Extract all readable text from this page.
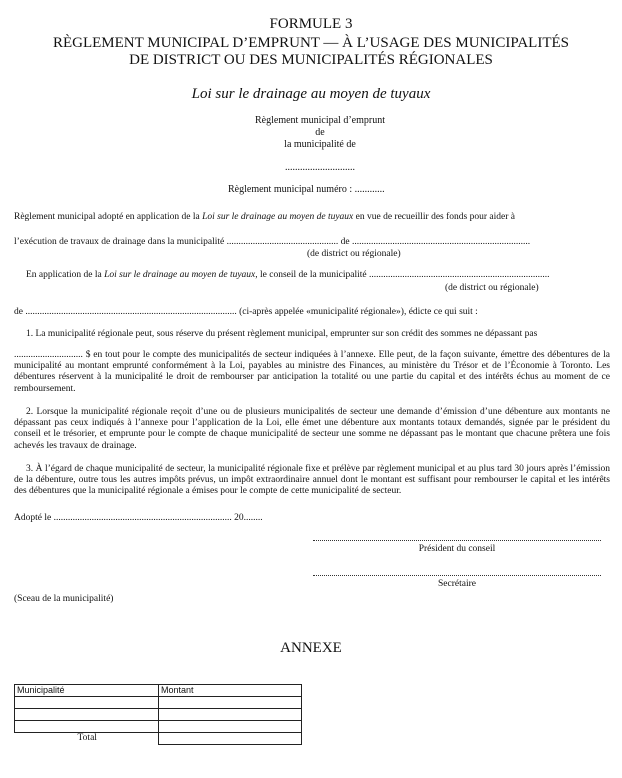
FORMULE 3
RÈGLEMENT MUNICIPAL D’EMPRUNT — À L’USAGE DES MUNICIPALITÉS
DE DISTRICT OU DES MUNICIPALITÉS RÉGIONALES
Loi sur le drainage au moyen de tuyaux
Règlement municipal d’emprunt
de
la municipalité de
............................
Règlement municipal numéro : ............
Règlement municipal adopté en application de la Loi sur le drainage au moyen de tuyaux en vue de recueillir des fonds pour aider à
l’exécution de travaux de drainage dans la municipalité ............................................... de ...........................................................................
(de district ou régionale)
En application de la Loi sur le drainage au moyen de tuyaux, le conseil de la municipalité ............................................................................
(de district ou régionale)
de ......................................................................................... (ci-après appelée «municipalité régionale»), édicte ce qui suit :
1. La municipalité régionale peut, sous réserve du présent règlement municipal, emprunter sur son crédit des sommes ne dépassant pas
............................. $ en tout pour le compte des municipalités de secteur indiquées à l’annexe. Elle peut, de la façon suivante, émettre des débentures de la municipalité au montant emprunté conformément à la Loi, payables au ministre des Finances, au ministère du Trésor et de l’Économie à Toronto. Les débentures réservent à la municipalité le droit de rembourser par anticipation la totalité ou une partie du capital et des intérêts échus au moment de ce remboursement.
2. Lorsque la municipalité régionale reçoit d’une ou de plusieurs municipalités de secteur une demande d’émission d’une débenture aux montants ne dépassant pas ceux indiqués à l’annexe pour l’application de la Loi, elle émet une débenture aux montants totaux demandés, signée par le président du conseil et le trésorier, et emprunte pour le compte de chaque municipalité de secteur une somme ne dépassant pas le montant que chacune prêtera une fois achevés les travaux de drainage.
3. À l’égard de chaque municipalité de secteur, la municipalité régionale fixe et prélève par règlement municipal et au plus tard 30 jours après l’émission de la débenture, outre tous les autres impôts prévus, un impôt extraordinaire annuel dont le montant est suffisant pour rembourser le capital et les intérêts des débentures que la municipalité régionale a émises pour le compte de cette municipalité de secteur.
Adopté le ........................................................................... 20........
Président du conseil
Secrétaire
(Sceau de la municipalité)
ANNEXE
Municipalité	Montant

Total	
